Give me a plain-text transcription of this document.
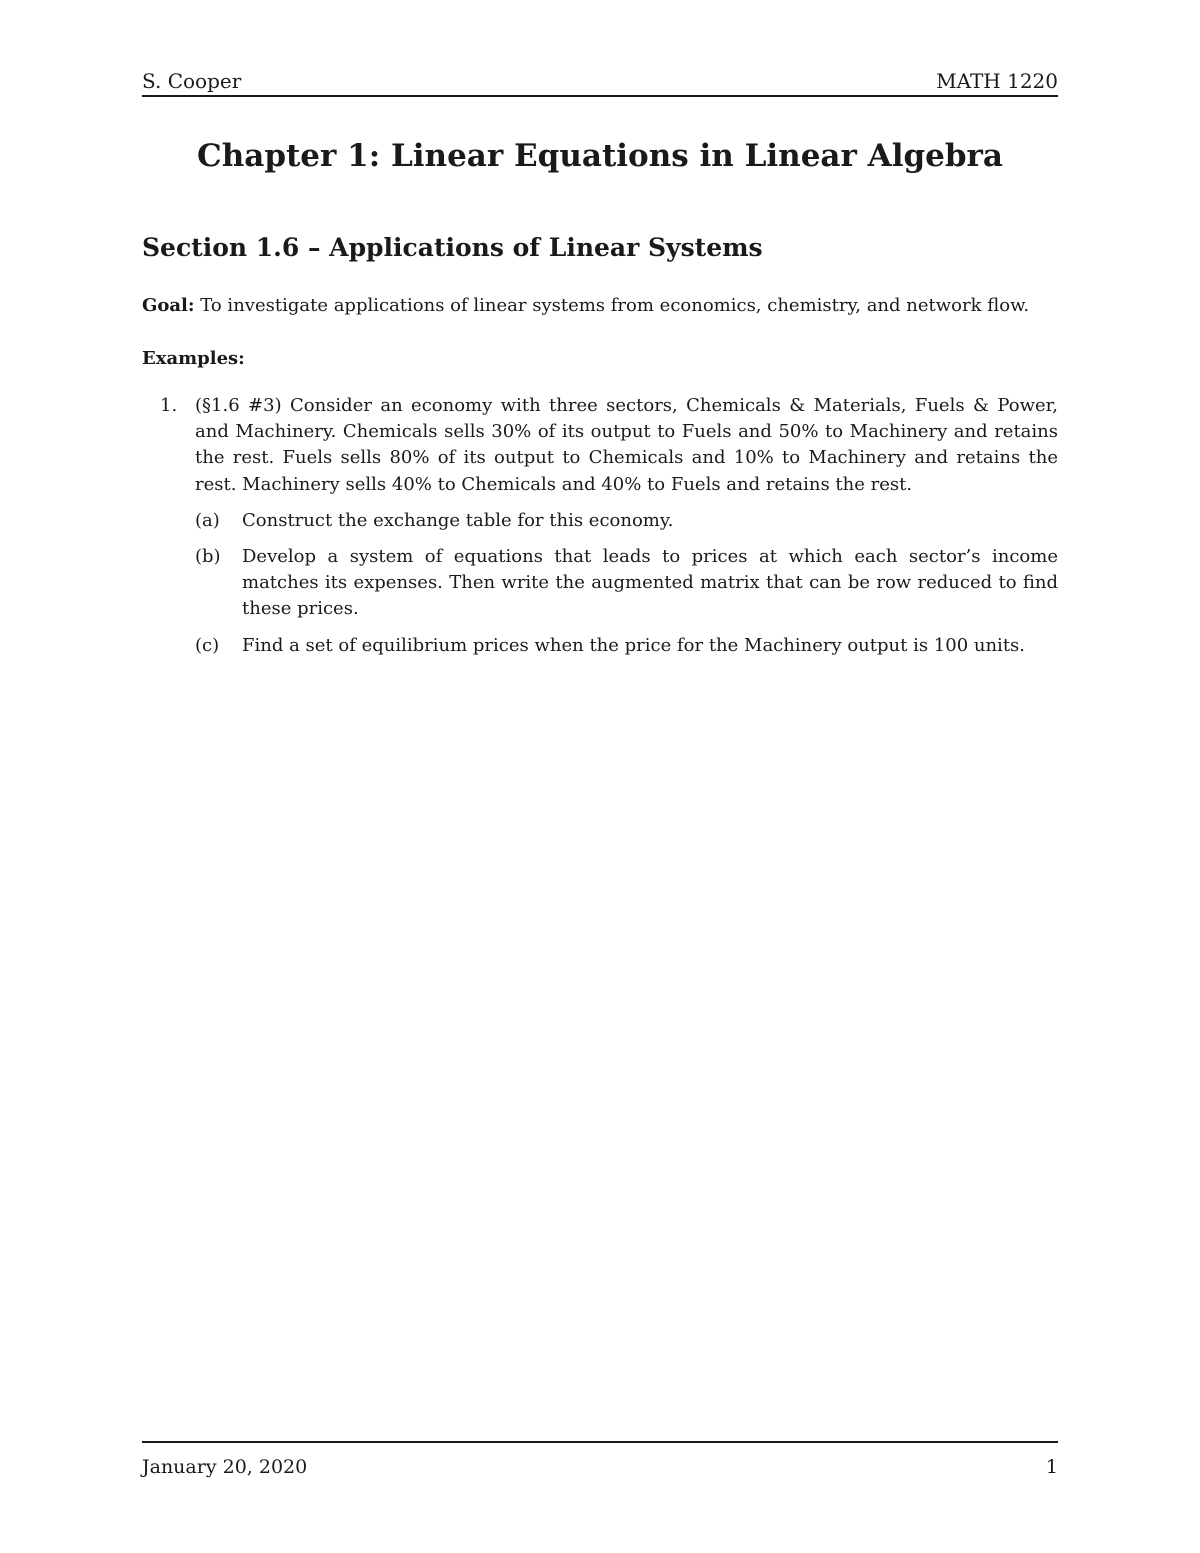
S. Cooper	MATH 1220
Chapter 1: Linear Equations in Linear Algebra
Section 1.6 – Applications of Linear Systems

Goal: To investigate applications of linear systems from economics, chemistry, and network flow.

Examples:

1. (§1.6 #3) Consider an economy with three sectors, Chemicals & Materials, Fuels & Power, and Machinery. Chemicals sells 30% of its output to Fuels and 50% to Machinery and retains the rest. Fuels sells 80% of its output to Chemicals and 10% to Machinery and retains the rest. Machinery sells 40% to Chemicals and 40% to Fuels and retains the rest.
(a) Construct the exchange table for this economy.
(b) Develop a system of equations that leads to prices at which each sector’s income matches its expenses. Then write the augmented matrix that can be row reduced to find these prices.
(c) Find a set of equilibrium prices when the price for the Machinery output is 100 units.
January 20, 2020	1
